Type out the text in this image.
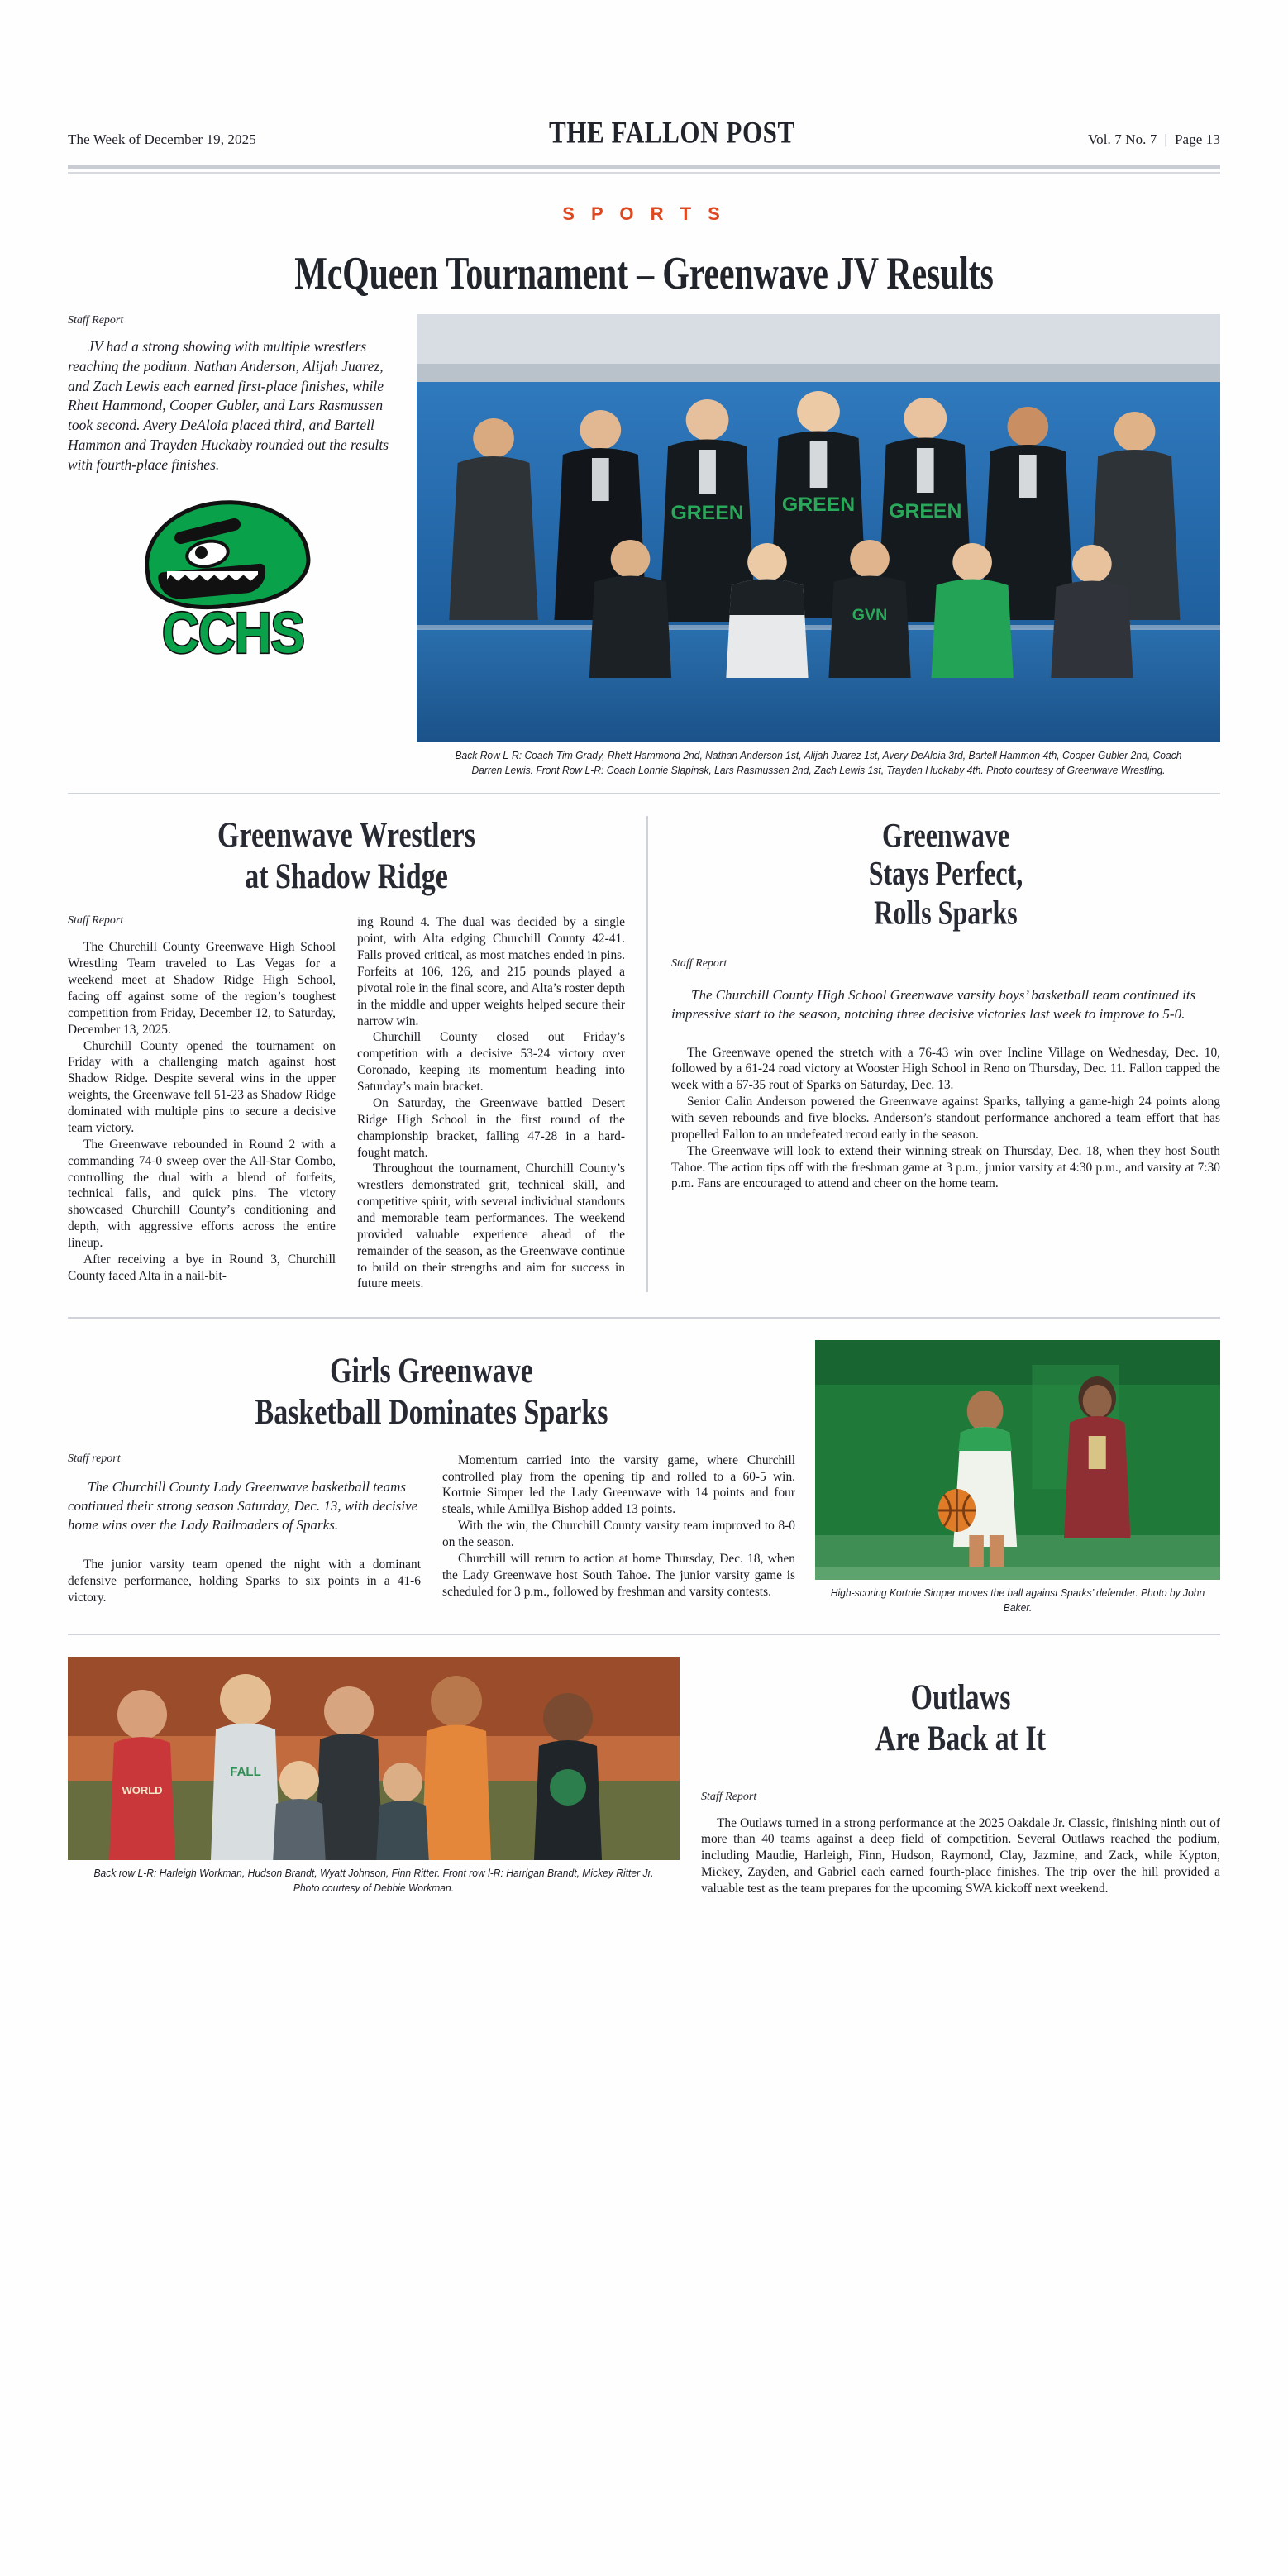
The Week of December 19, 2025	THE FALLON POST	Vol. 7 No. 7 | Page 13
S P O R T S
McQueen Tournament – Greenwave JV Results
Staff Report

JV had a strong showing with multiple wrestlers reaching the podium. Nathan Anderson, Alijah Juarez, and Zach Lewis each earned first-place finishes, while Rhett Hammond, Cooper Gubler, and Lars Rasmussen took second. Avery DeAloia placed third, and Bartell Hammon and Trayden Huckaby rounded out the results with fourth-place finishes.

CCHS
GREEN GREEN GREEN
GVN
Back Row L-R: Coach Tim Grady, Rhett Hammond 2nd, Nathan Anderson 1st, Alijah Juarez 1st, Avery DeAloia 3rd, Bartell Hammon 4th, Cooper Gubler 2nd, Coach Darren Lewis. Front Row L-R: Coach Lonnie Slapinsk, Lars Rasmussen 2nd, Zach Lewis 1st, Trayden Huckaby 4th. Photo courtesy of Greenwave Wrestling.
Greenwave Wrestlers
at Shadow Ridge
Staff Report

The Churchill County Greenwave High School Wrestling Team traveled to Las Vegas for a weekend meet at Shadow Ridge High School, facing off against some of the region’s toughest competition from Friday, December 12, to Saturday, December 13, 2025.

Churchill County opened the tournament on Friday with a challenging match against host Shadow Ridge. Despite several wins in the upper weights, the Greenwave fell 51-23 as Shadow Ridge dominated with multiple pins to secure a decisive team victory.

The Greenwave rebounded in Round 2 with a commanding 74-0 sweep over the All-Star Combo, controlling the dual with a blend of forfeits, technical falls, and quick pins. The victory showcased Churchill County’s conditioning and depth, with aggressive efforts across the entire lineup.

After receiving a bye in Round 3, Churchill County faced Alta in a nail-bit-

ing Round 4. The dual was decided by a single point, with Alta edging Churchill County 42-41. Falls proved critical, as most matches ended in pins. Forfeits at 106, 126, and 215 pounds played a pivotal role in the final score, and Alta’s roster depth in the middle and upper weights helped secure their narrow win.

Churchill County closed out Friday’s competition with a decisive 53-24 victory over Coronado, keeping its momentum heading into Saturday’s main bracket.

On Saturday, the Greenwave battled Desert Ridge High School in the first round of the championship bracket, falling 47-28 in a hard-fought match.

Throughout the tournament, Churchill County’s wrestlers demonstrated grit, technical skill, and competitive spirit, with several individual standouts and memorable team performances. The weekend provided valuable experience ahead of the remainder of the season, as the Greenwave continue to build on their strengths and aim for success in future meets.

Greenwave
Stays Perfect,
Rolls Sparks
Staff Report

The Churchill County High School Greenwave varsity boys’ basketball team continued its impressive start to the season, notching three decisive victories last week to improve to 5-0.

The Greenwave opened the stretch with a 76-43 win over Incline Village on Wednesday, Dec. 10, followed by a 61-24 road victory at Wooster High School in Reno on Thursday, Dec. 11. Fallon capped the week with a 67-35 rout of Sparks on Saturday, Dec. 13.

Senior Calin Anderson powered the Greenwave against Sparks, tallying a game-high 24 points along with seven rebounds and five blocks. Anderson’s standout performance anchored a team effort that has propelled Fallon to an undefeated record early in the season.

The Greenwave will look to extend their winning streak on Thursday, Dec. 18, when they host South Tahoe. The action tips off with the freshman game at 3 p.m., junior varsity at 4:30 p.m., and varsity at 7:30 p.m. Fans are encouraged to attend and cheer on the home team.

Girls Greenwave
Basketball Dominates Sparks
Staff report

The Churchill County Lady Greenwave basketball teams continued their strong season Saturday, Dec. 13, with decisive home wins over the Lady Railroaders of Sparks.

The junior varsity team opened the night with a dominant defensive performance, holding Sparks to six points in a 41-6 victory.

Momentum carried into the varsity game, where Churchill controlled play from the opening tip and rolled to a 60-5 win. Kortnie Simper led the Lady Greenwave with 14 points and four steals, while Amillya Bishop added 13 points.

With the win, the Churchill County varsity team improved to 8-0 on the season.

Churchill will return to action at home Thursday, Dec. 18, when the Lady Greenwave host South Tahoe. The junior varsity game is scheduled for 3 p.m., followed by freshman and varsity contests.	High-scoring Kortnie Simper moves the ball against Sparks’ defender. Photo by John Baker.
WORLD
FALL
Back row L-R: Harleigh Workman, Hudson Brandt, Wyatt Johnson, Finn Ritter. Front row l-R: Harrigan Brandt, Mickey Ritter Jr. Photo courtesy of Debbie Workman.
Outlaws
Are Back at It
Staff Report

The Outlaws turned in a strong performance at the 2025 Oakdale Jr. Classic, finishing ninth out of more than 40 teams against a deep field of competition. Several Outlaws reached the podium, including Maudie, Harleigh, Finn, Hudson, Raymond, Clay, Jazmine, and Zack, while Kypton, Mickey, Zayden, and Gabriel each earned fourth-place finishes. The trip over the hill provided a valuable test as the team prepares for the upcoming SWA kickoff next weekend.
